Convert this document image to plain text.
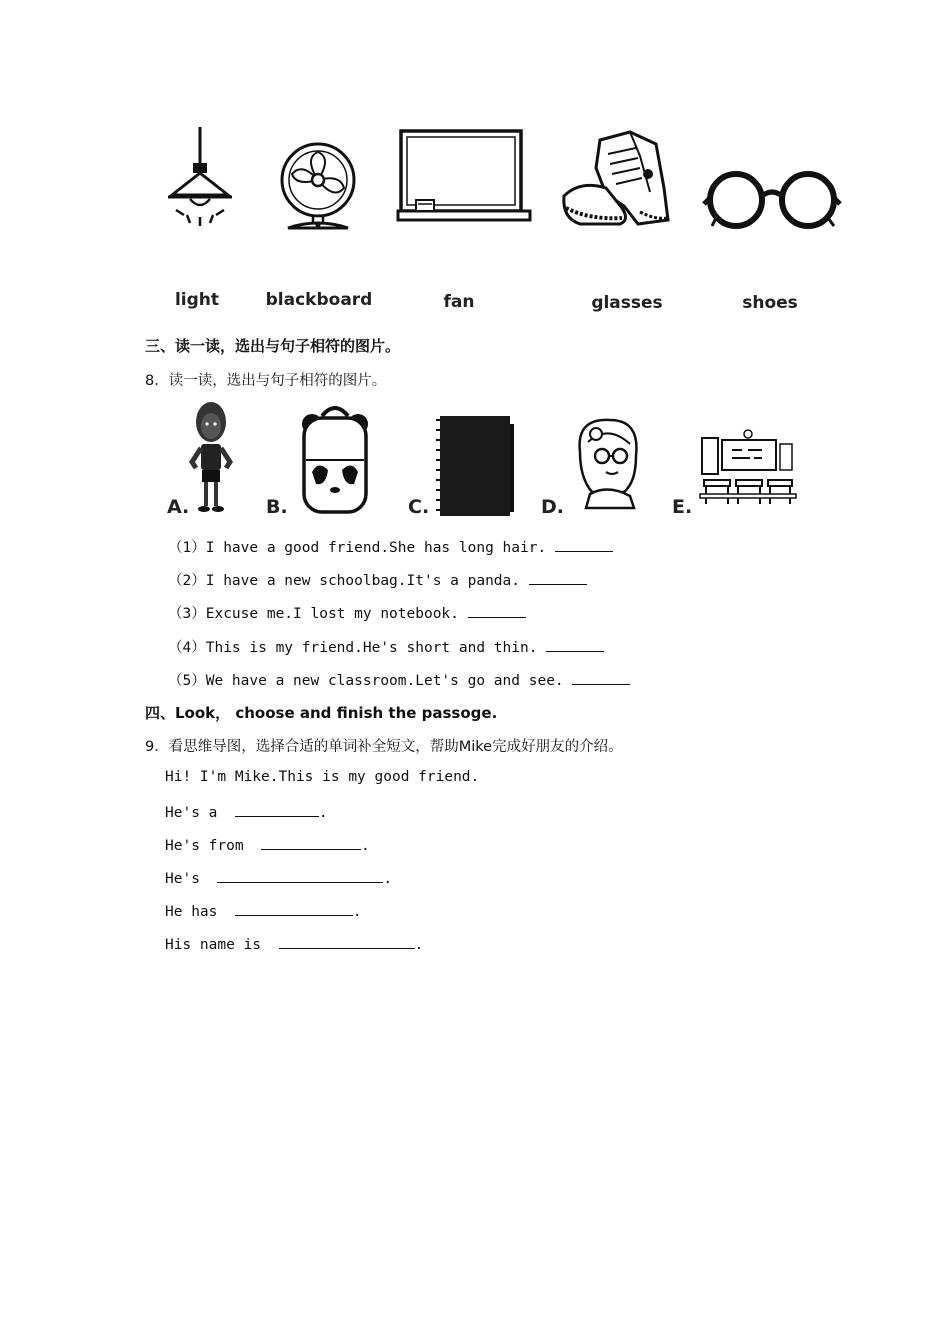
light	blackboard	fan	glasses	shoes
三、读一读，选出与句子相符的图片。
8．读一读，选出与句子相符的图片。
A.	B.	C.	D.	E.
（1）I have a good friend.She has long hair.
（2）I have a new schoolbag.It's a panda.
（3）Excuse me.I lost my notebook.
（4）This is my friend.He's short and thin.
（5）We have a new classroom.Let's go and see.
四、Look， choose and finish the passoge.
9．看思维导图，选择合适的单词补全短文，帮助Mike完成好朋友的介绍。
Hi! I'm Mike.This is my good friend.
He's a	.
He's from	.
He's	.
He has	.
His name is	.
